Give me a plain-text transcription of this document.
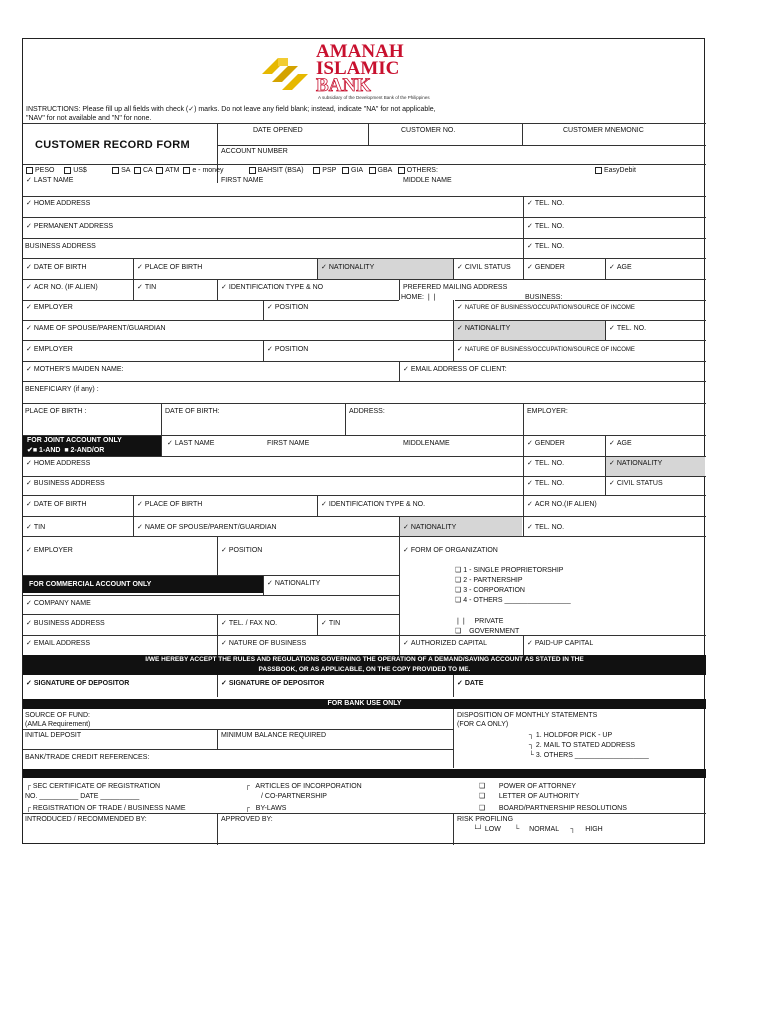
AMANAH
ISLAMIC
BANK
A subsidiary of the Development Bank of the Philippines
INSTRUCTIONS: Please fill up all fields with check (✓) marks. Do not leave any field blank; instead, indicate "NA" for not applicable,
"NAV" for not available and "N" for none.
DATE OPENED	CUSTOMER NO.	CUSTOMER MNEMONIC
CUSTOMER RECORD FORM
ACCOUNT NUMBER
PESO	US$	SA CA ATM e - money	BAHSIT (BSA)	PSP GIA GBA OTHERS:	EasyDebit
✓ LAST NAME	FIRST NAME	MIDDLE NAME
✓ HOME ADDRESS	✓ TEL. NO.
✓ PERMANENT ADDRESS	✓ TEL. NO.
BUSINESS ADDRESS	✓ TEL. NO.
✓ DATE OF BIRTH	✓ PLACE OF BIRTH	✓ NATIONALITY	✓ CIVIL STATUS	✓ GENDER	✓ AGE
✓ ACR NO. (IF ALIEN)	✓ TIN	✓ IDENTIFICATION TYPE & NO	PREFERED MAILING ADDRESS
HOME: ❘❘	BUSINESS:
✓ EMPLOYER	✓ POSITION	✓ NATURE OF BUSINESS/OCCUPATION/SOURCE OF INCOME
✓ NAME OF SPOUSE/PARENT/GUARDIAN	✓ NATIONALITY	✓ TEL. NO.
✓ EMPLOYER	✓ POSITION	✓ NATURE OF BUSINESS/OCCUPATION/SOURCE OF INCOME
✓ MOTHER'S MAIDEN NAME:	✓ EMAIL ADDRESS OF CLIENT:
BENEFICIARY (if any) :
PLACE OF BIRTH :	DATE OF BIRTH:	ADDRESS:	EMPLOYER:
FOR JOINT ACCOUNT ONLY
✔■ 1-AND  ■ 2-AND/OR
✓ LAST NAME	FIRST NAME	MIDDLENAME	✓ GENDER	✓ AGE
✓ HOME ADDRESS	✓ TEL. NO.	✓ NATIONALITY
✓ BUSINESS ADDRESS	✓ TEL. NO.	✓ CIVIL STATUS
✓ DATE OF BIRTH	✓ PLACE OF BIRTH	✓ IDENTIFICATION TYPE & NO.	✓ ACR NO.(IF ALIEN)
✓ TIN	✓ NAME OF SPOUSE/PARENT/GUARDIAN	✓ NATIONALITY	✓ TEL. NO.
✓ EMPLOYER	✓ POSITION	✓ FORM OF ORGANIZATION
❑ 1 - SINGLE PROPRIETORSHIP
❑ 2 - PARTNERSHIP
❑ 3 - CORPORATION
❑ 4 - OTHERS _________________
❘❘    PRIVATE
❑    GOVERNMENT
FOR COMMERCIAL ACCOUNT ONLY	✓ NATIONALITY
✓ COMPANY NAME
✓ BUSINESS ADDRESS	✓ TEL. / FAX NO.	✓ TIN
✓ EMAIL ADDRESS	✓ NATURE OF BUSINESS	✓ AUTHORIZED CAPITAL	✓ PAID-UP CAPITAL
I/WE HEREBY ACCEPT THE RULES AND REGULATIONS GOVERNING THE OPERATION OF A DEMAND/SAVING ACCOUNT AS STATED IN THE
PASSBOOK, OR AS APPLICABLE, ON THE COPY PROVIDED TO ME.
✓ SIGNATURE OF DEPOSITOR	✓ SIGNATURE OF DEPOSITOR	✓ DATE
FOR BANK USE ONLY
SOURCE OF FUND:
(AMLA Requirement)
INITIAL DEPOSIT	MINIMUM BALANCE REQUIRED
BANK/TRADE CREDIT REFERENCES:
DISPOSITION OF MONTHLY STATEMENTS
(FOR CA ONLY)
┐ 1. HOLDFOR PICK - UP
┐ 2. MAIL TO STATED ADDRESS
└ 3. OTHERS ___________________
┌ SEC CERTIFICATE OF REGISTRATION
NO. __________ DATE __________
┌ REGISTRATION OF TRADE / BUSINESS NAME
┌   ARTICLES OF INCORPORATION
/ CO-PARTNERSHIP
┌   BY-LAWS
❑       POWER OF ATTORNEY
❑       LETTER OF AUTHORITY
❑       BOARD/PARTNERSHIP RESOLUTIONS
INTRODUCED / RECOMMENDED BY:	APPROVED BY:	RISK PROFILING
└┘ LOW       └     NORMAL      ┐     HIGH
